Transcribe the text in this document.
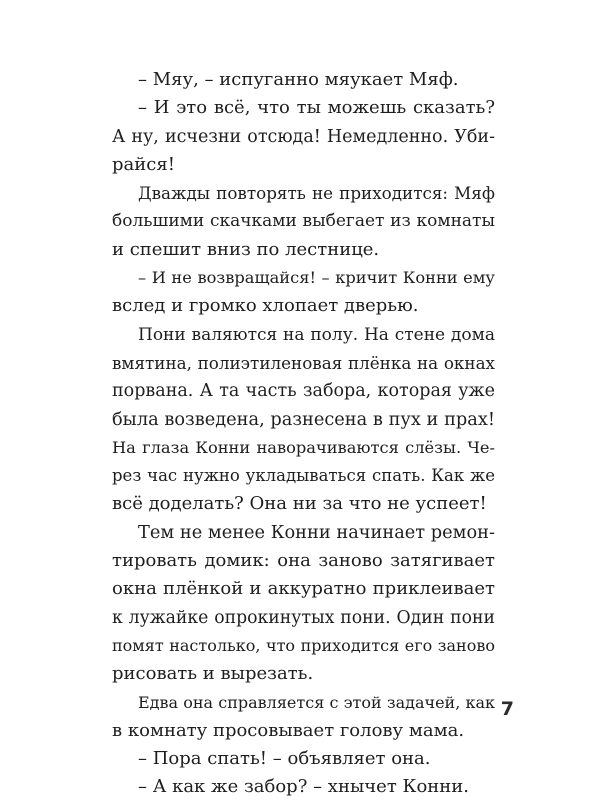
– Мяу, – испуганно мяукает Мяф.
– И это всё, что ты можешь сказать?
А ну, исчезни отсюда! Немедленно. Уби-
райся!
Дважды повторять не приходится: Мяф
большими скачками выбегает из комнаты
и спешит вниз по лестнице.
– И не возвращайся! – кричит Конни ему
вслед и громко хлопает дверью.
Пони валяются на полу. На стене дома
вмятина, полиэтиленовая плёнка на окнах
порвана. А та часть забора, которая уже
была возведена, разнесена в пух и прах!
На глаза Конни наворачиваются слёзы. Че-
рез час нужно укладываться спать. Как же
всё доделать? Она ни за что не успеет!
Тем не менее Конни начинает ремон-
тировать домик: она заново затягивает
окна плёнкой и аккуратно приклеивает
к лужайке опрокинутых пони. Один пони
помят настолько, что приходится его заново
рисовать и вырезать.
Едва она справляется с этой задачей, как
в комнату просовывает голову мама.
– Пора спать! – объявляет она.
– А как же забор? – хнычет Конни.
7
